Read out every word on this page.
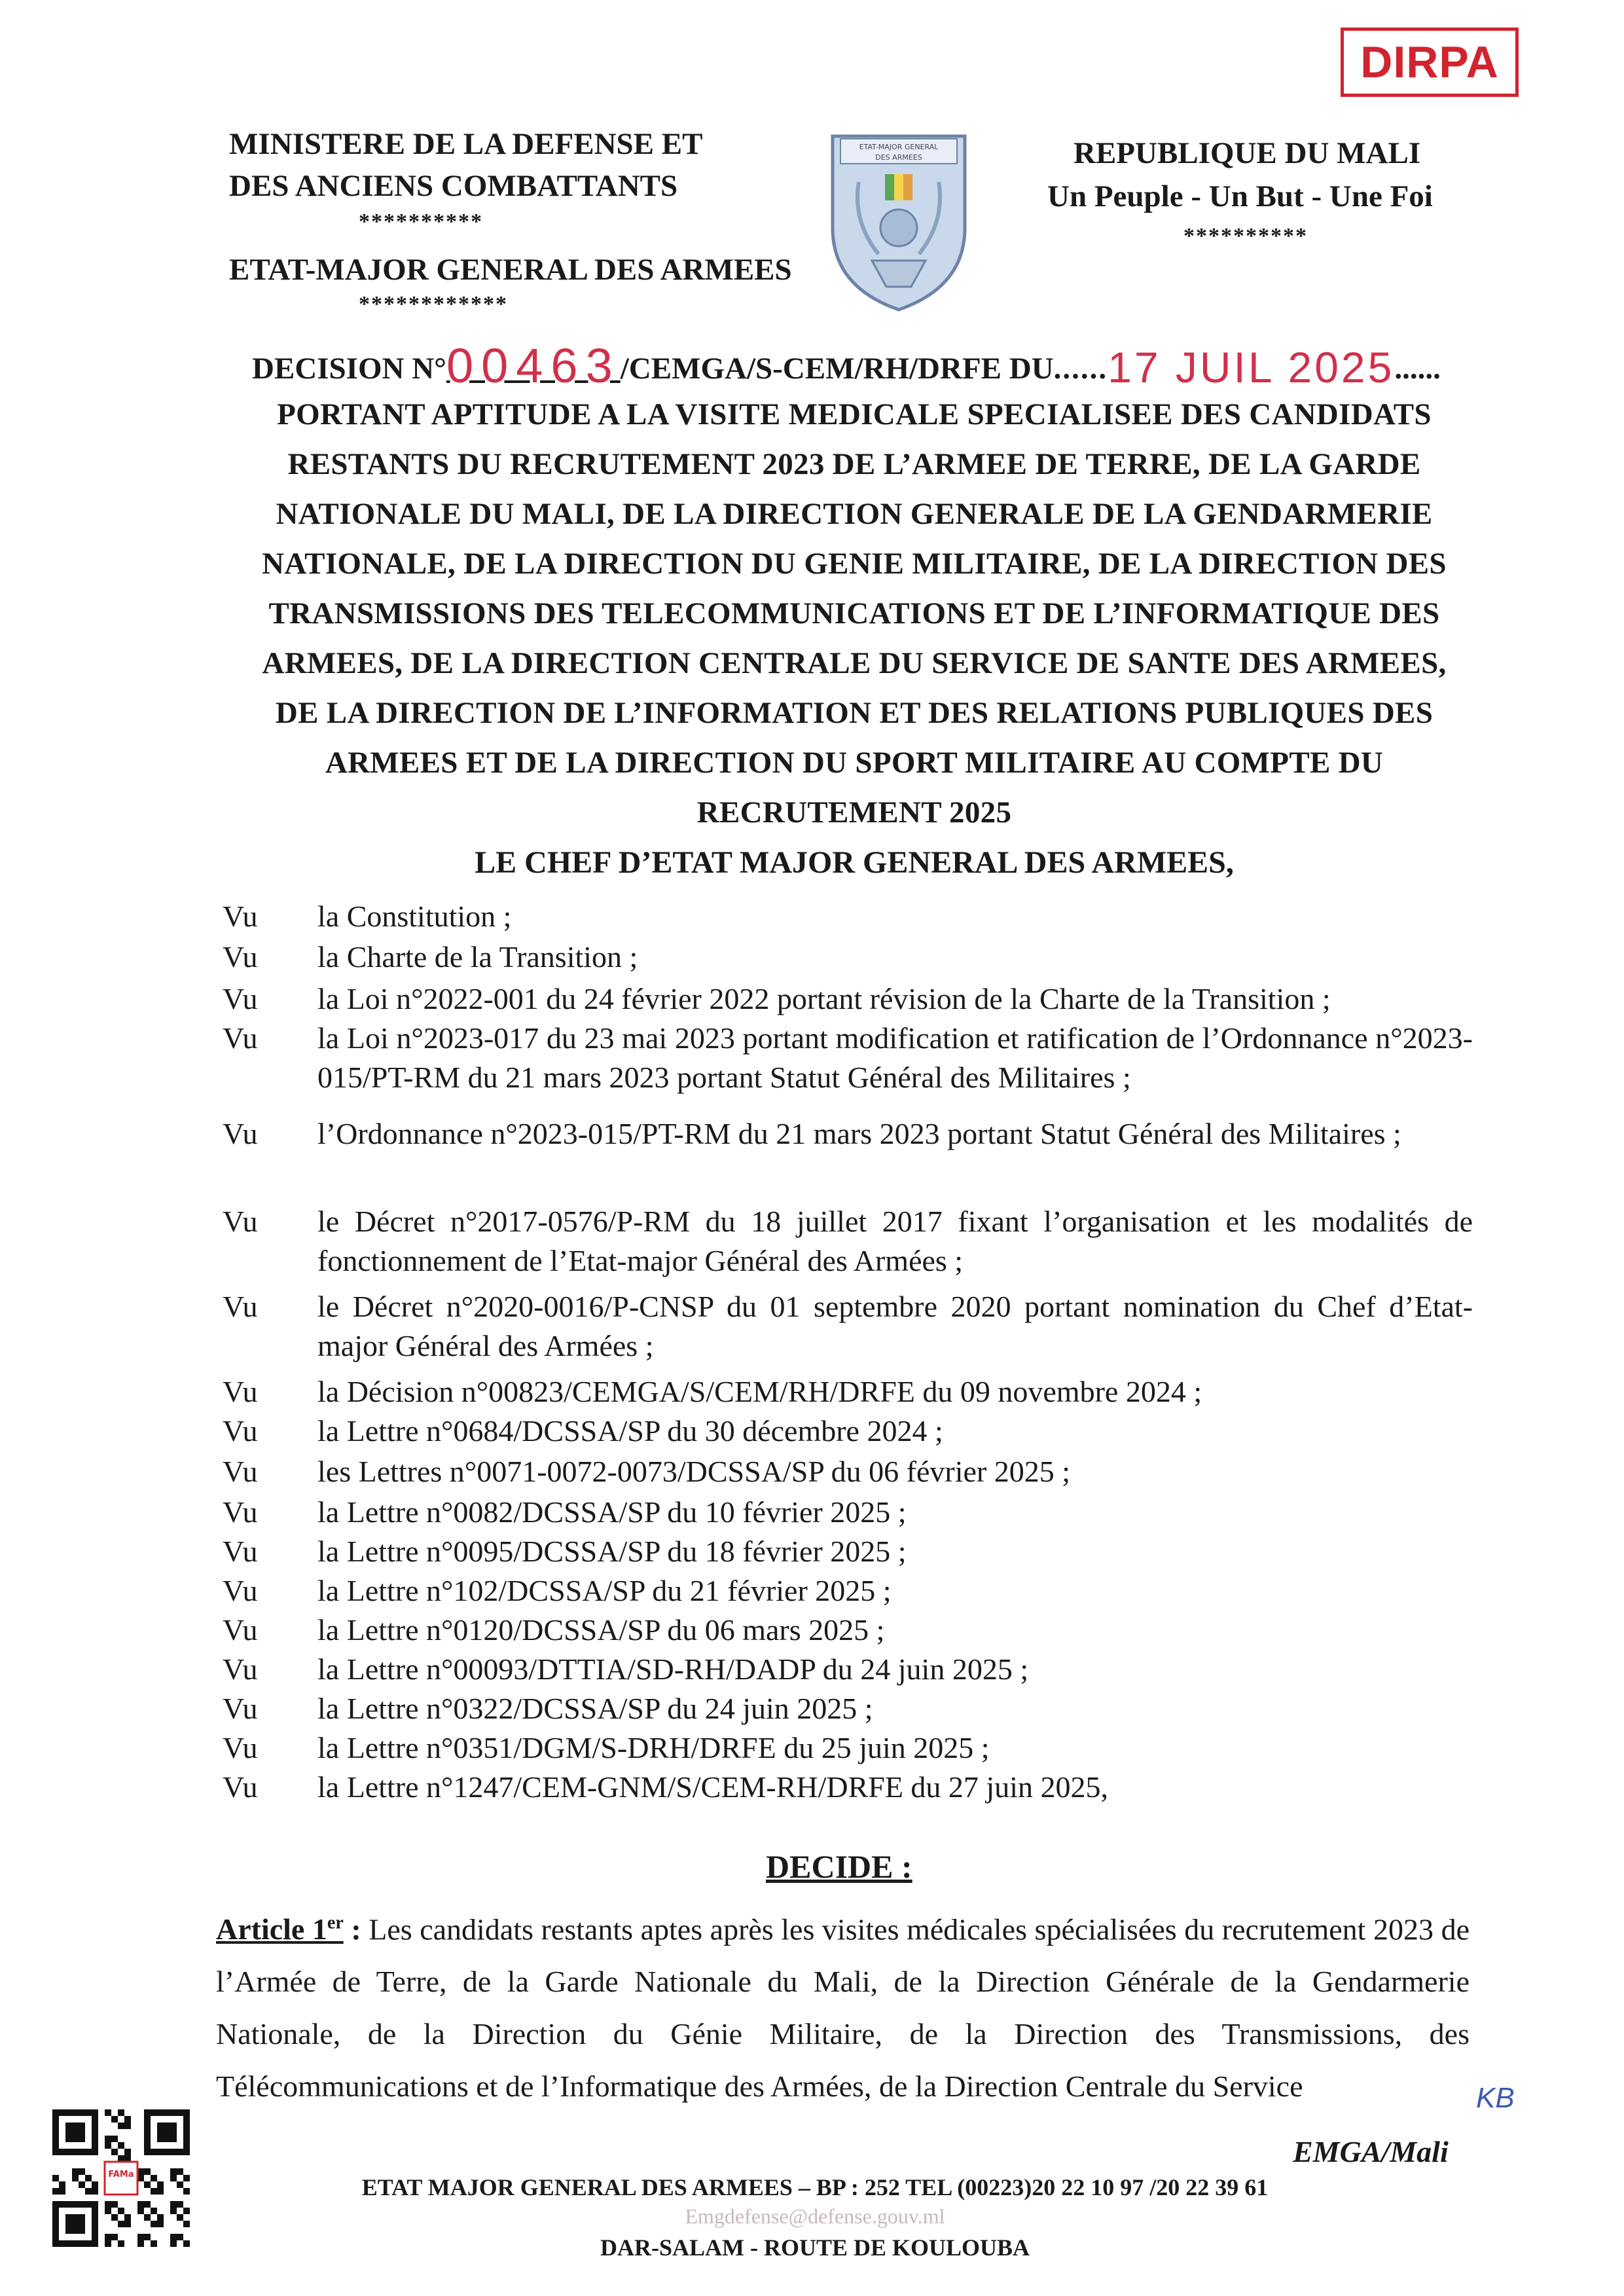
DIRPA
MINISTERE DE LA DEFENSE ET
DES ANCIENS COMBATTANTS
**********
ETAT-MAJOR GENERAL DES ARMEES
************
ETAT-MAJOR GENERAL
DES ARMEES	REPUBLIQUE DU MALI
Un Peuple - Un But - Une Foi
**********
DECISION N°00463/CEMGA/S-CEM/RH/DRFE DU......17 JUIL 2025......
PORTANT APTITUDE A LA VISITE MEDICALE SPECIALISEE DES CANDIDATS
RESTANTS DU RECRUTEMENT 2023 DE L’ARMEE DE TERRE, DE LA GARDE
NATIONALE DU MALI, DE LA DIRECTION GENERALE DE LA GENDARMERIE
NATIONALE, DE LA DIRECTION DU GENIE MILITAIRE, DE LA DIRECTION DES
TRANSMISSIONS DES TELECOMMUNICATIONS ET DE L’INFORMATIQUE DES
ARMEES, DE LA DIRECTION CENTRALE DU SERVICE DE SANTE DES ARMEES,
DE LA DIRECTION DE L’INFORMATION ET DES RELATIONS PUBLIQUES DES
ARMEES ET DE LA DIRECTION DU SPORT MILITAIRE AU COMPTE DU
RECRUTEMENT 2025
LE CHEF D’ETAT MAJOR GENERAL DES ARMEES,
Vu la Constitution ;
Vu la Charte de la Transition ;
Vu la Loi n°2022-001 du 24 février 2022 portant révision de la Charte de la Transition ;
Vu la Loi n°2023-017 du 23 mai 2023 portant modification et ratification de l’Ordonnance n°2023-015/PT-RM du 21 mars 2023 portant Statut Général des Militaires ;
Vu l’Ordonnance n°2023-015/PT-RM du 21 mars 2023 portant Statut Général des Militaires ;
Vu le Décret n°2017-0576/P-RM du 18 juillet 2017 fixant l’organisation et les modalités de fonctionnement de l’Etat-major Général des Armées ;
Vu le Décret n°2020-0016/P-CNSP du 01 septembre 2020 portant nomination du Chef d’Etat-major Général des Armées ;
Vu la Décision n°00823/CEMGA/S/CEM/RH/DRFE du 09 novembre 2024 ;
Vu la Lettre n°0684/DCSSA/SP du 30 décembre 2024 ;
Vu les Lettres n°0071-0072-0073/DCSSA/SP du 06 février 2025 ;
Vu la Lettre n°0082/DCSSA/SP du 10 février 2025 ;
Vu la Lettre n°0095/DCSSA/SP du 18 février 2025 ;
Vu la Lettre n°102/DCSSA/SP du 21 février 2025 ;
Vu la Lettre n°0120/DCSSA/SP du 06 mars 2025 ;
Vu la Lettre n°00093/DTTIA/SD-RH/DADP du 24 juin 2025 ;
Vu la Lettre n°0322/DCSSA/SP du 24 juin 2025 ;
Vu la Lettre n°0351/DGM/S-DRH/DRFE du 25 juin 2025 ;
Vu la Lettre n°1247/CEM-GNM/S/CEM-RH/DRFE du 27 juin 2025,
DECIDE :
Article 1er : Les candidats restants aptes après les visites médicales spécialisées du recrutement 2023 de l’Armée de Terre, de la Garde Nationale du Mali, de la Direction Générale de la Gendarmerie Nationale, de la Direction du Génie Militaire, de la Direction des Transmissions, des Télécommunications et de l’Informatique des Armées, de la Direction Centrale du Service	KB
FAMa
EMGA/Mali
ETAT MAJOR GENERAL DES ARMEES – BP : 252 TEL (00223)20 22 10 97 /20 22 39 61
Emgdefense@defense.gouv.ml
DAR-SALAM - ROUTE DE KOULOUBA
